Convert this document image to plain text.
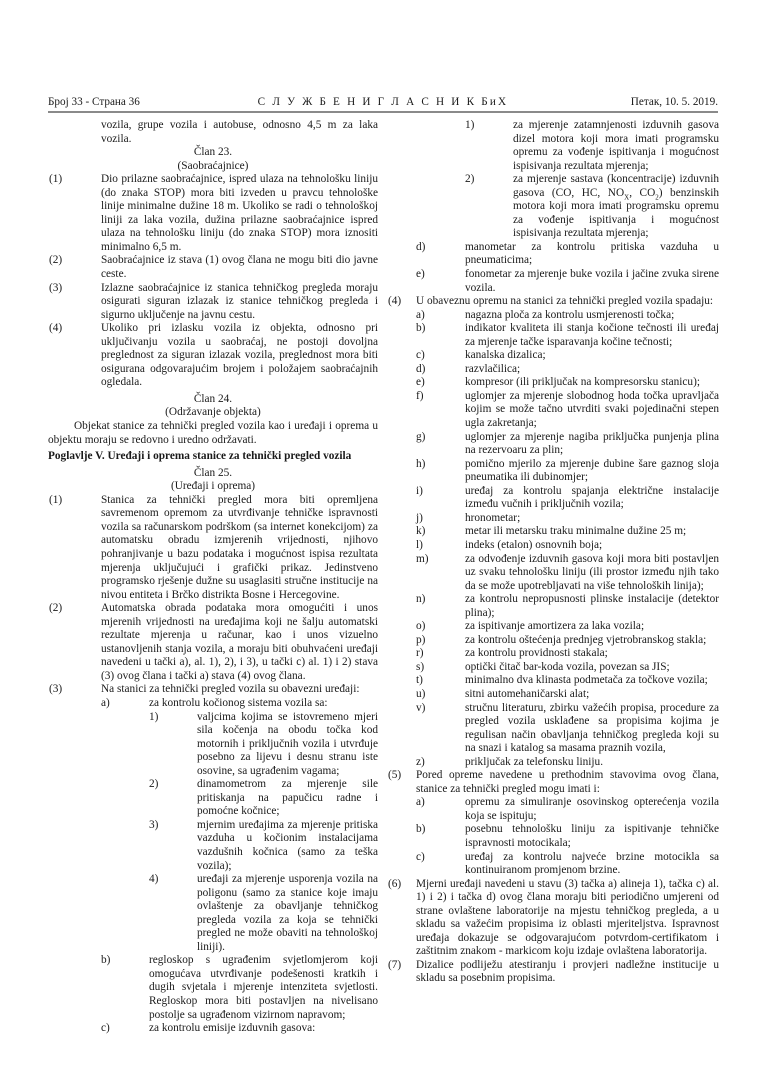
Број 33 - Страна 36	С Л У Ж Б Е Н И Г Л А С Н И К БиХ	Петак, 10. 5. 2019.
vozila, grupe vozila i autobuse, odnosno 4,5 m za laka vozila.
Član 23.
(Saobraćajnice)
(1)	Dio prilazne saobraćajnice, ispred ulaza na tehnološku liniju (do znaka STOP) mora biti izveden u pravcu tehnološke linije minimalne dužine 18 m. Ukoliko se radi o tehnološkoj liniji za laka vozila, dužina prilazne saobraćajnice ispred ulaza na tehnološku liniju (do znaka STOP) mora iznositi minimalno 6,5 m.
(2)	Saobraćajnice iz stava (1) ovog člana ne mogu biti dio javne ceste.
(3)	Izlazne saobraćajnice iz stanica tehničkog pregleda moraju osigurati siguran izlazak iz stanice tehničkog pregleda i sigurno uključenje na javnu cestu.
(4)	Ukoliko pri izlasku vozila iz objekta, odnosno pri uključivanju vozila u saobraćaj, ne postoji dovoljna preglednost za siguran izlazak vozila, preglednost mora biti osigurana odgovarajućim brojem i položajem saobraćajnih ogledala.
Član 24.
(Održavanje objekta)
Objekat stanice za tehnički pregled vozila kao i uređaji i oprema u objektu moraju se redovno i uredno održavati.
Poglavlje V. Uređaji i oprema stanice za tehnički pregled vozila
Član 25.
(Uređaji i oprema)
(1)	Stanica za tehnički pregled mora biti opremljena savremenom opremom za utvrđivanje tehničke ispravnosti vozila sa računarskom podrškom (sa internet konekcijom) za automatsku obradu izmjerenih vrijednosti, njihovo pohranjivanje u bazu podataka i mogućnost ispisa rezultata mjerenja uključujući i grafički prikaz. Jedinstveno programsko rješenje dužne su usaglasiti stručne institucije na nivou entiteta i Brčko distrikta Bosne i Hercegovine.
(2)	Automatska obrada podataka mora omogućiti i unos mjerenih vrijednosti na uređajima koji ne šalju automatski rezultate mjerenja u računar, kao i unos vizuelno ustanovljenih stanja vozila, a moraju biti obuhvaćeni uređaji navedeni u tački a), al. 1), 2), i 3), u tački c) al. 1) i 2) stava (3) ovog člana i tački a) stava (4) ovog člana.
(3)	Na stanici za tehnički pregled vozila su obavezni uređaji:
a)	za kontrolu kočionog sistema vozila sa:
1)	valjcima kojima se istovremeno mjeri sila kočenja na obodu točka kod motornih i priključnih vozila i utvrđuje posebno za lijevu i desnu stranu iste osovine, sa ugrađenim vagama;
2)	dinamometrom za mjerenje sile pritiskanja na papučicu radne i pomoćne kočnice;
3)	mjernim uređajima za mjerenje pritiska vazduha u kočionim instalacijama vazdušnih kočnica (samo za teška vozila);
4)	uređaji za mjerenje usporenja vozila na poligonu (samo za stanice koje imaju ovlaštenje za obavljanje tehničkog pregleda vozila za koja se tehnički pregled ne može obaviti na tehnološkoj liniji).
b)	regloskop s ugrađenim svjetlomjerom koji omogućava utvrđivanje podešenosti kratkih i dugih svjetala i mjerenje intenziteta svjetlosti. Regloskop mora biti postavljen na nivelisano postolje sa ugrađenom vizirnom napravom;
c)	za kontrolu emisije izduvnih gasova:
1)	za mjerenje zatamnjenosti izduvnih gasova dizel motora koji mora imati programsku opremu za vođenje ispitivanja i mogućnost ispisivanja rezultata mjerenja;
2)	za mjerenje sastava (koncentracije) izduvnih gasova (CO, HC, $NO_X$, $CO_2$) benzinskih motora koji mora imati programsku opremu za vođenje ispitivanja i mogućnost ispisivanja rezultata mjerenja;
d)	manometar za kontrolu pritiska vazduha u pneumaticima;
e)	fonometar za mjerenje buke vozila i jačine zvuka sirene vozila.
(4) U obaveznu opremu na stanici za tehnički pregled vozila spadaju:
a)	nagazna ploča za kontrolu usmjerenosti točka;
b)	indikator kvaliteta ili stanja kočione tečnosti ili uređaj za mjerenje tačke isparavanja kočine tečnosti;
c)	kanalska dizalica;
d)	razvlačilica;
e)	kompresor (ili priključak na kompresorsku stanicu);
f)	uglomjer za mjerenje slobodnog hoda točka upravljača kojim se može tačno utvrditi svaki pojedinačni stepen ugla zakretanja;
g)	uglomjer za mjerenje nagiba priključka punjenja plina na rezervoaru za plin;
h)	pomično mjerilo za mjerenje dubine šare gaznog sloja pneumatika ili dubinomjer;
i)	uređaj za kontrolu spajanja električne instalacije između vučnih i priključnih vozila;
j)	hronometar;
k)	metar ili metarsku traku minimalne dužine 25 m;
l)	indeks (etalon) osnovnih boja;
m)	za odvođenje izduvnih gasova koji mora biti postavljen uz svaku tehnološku liniju (ili prostor između njih tako da se može upotrebljavati na više tehnoloških linija);
n)	za kontrolu nepropusnosti plinske instalacije (detektor plina);
o)	za ispitivanje amortizera za laka vozila;
p)	za kontrolu oštećenja prednjeg vjetrobranskog stakla;
r)	za kontrolu providnosti stakala;
s)	optički čitač bar-koda vozila, povezan sa JIS;
t)	minimalno dva klinasta podmetača za točkove vozila;
u)	sitni automehaničarski alat;
v)	stručnu literaturu, zbirku važećih propisa, procedure za pregled vozila usklađene sa propisima kojima je regulisan način obavljanja tehničkog pregleda koji su na snazi i katalog sa masama praznih vozila,
z)	priključak za telefonsku liniju.
(5) Pored opreme navedene u prethodnim stavovima ovog člana, stanice za tehnički pregled mogu imati i:
a)	opremu za simuliranje osovinskog opterećenja vozila koja se ispituju;
b)	posebnu tehnološku liniju za ispitivanje tehničke ispravnosti motocikala;
c)	uređaj za kontrolu najveće brzine motocikla sa kontinuiranom promjenom brzine.
(6) Mjerni uređaji navedeni u stavu (3) tačka a) alineja 1), tačka c) al. 1) i 2) i tačka d) ovog člana moraju biti periodično umjereni od strane ovlaštene laboratorije na mjestu tehničkog pregleda, a u skladu sa važećim propisima iz oblasti mjeriteljstva. Ispravnost uređaja dokazuje se odgovarajućom potvrdom-certifikatom i zaštitnim znakom - markicom koju izdaje ovlaštena laboratorija.
(7) Dizalice podliježu atestiranju i provjeri nadležne institucije u skladu sa posebnim propisima.
